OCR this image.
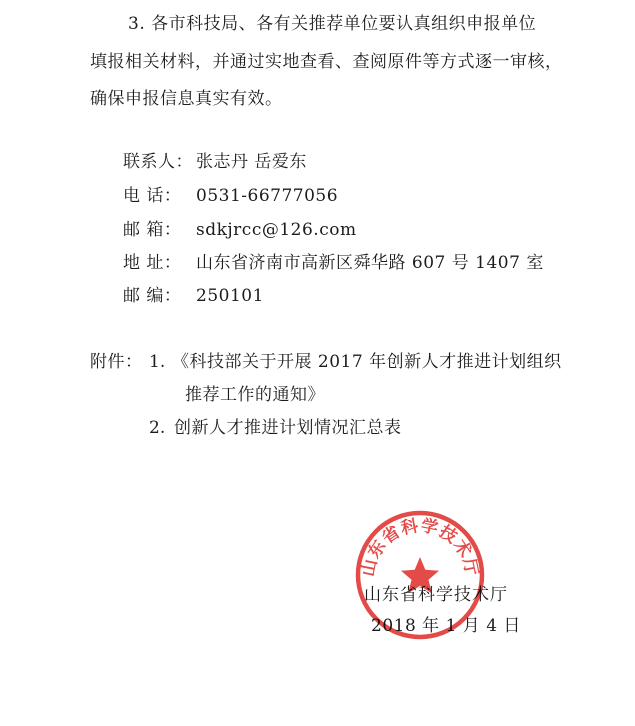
3. 各市科技局、各有关推荐单位要认真组织申报单位
填报相关材料，并通过实地查看、查阅原件等方式逐一审核，
确保申报信息真实有效。
联系人： 张志丹 岳爱东
电 话： 0531-66777056
邮 箱： sdkjrcc@126.com
地 址： 山东省济南市高新区舜华路 607 号 1407 室
邮 编： 250101
附件： 1. 《科技部关于开展 2017 年创新人才推进计划组织
推荐工作的通知》
2. 创新人才推进计划情况汇总表
山东省科学技术厅
2018 年 1 月 4 日
山东省科学技术厅
